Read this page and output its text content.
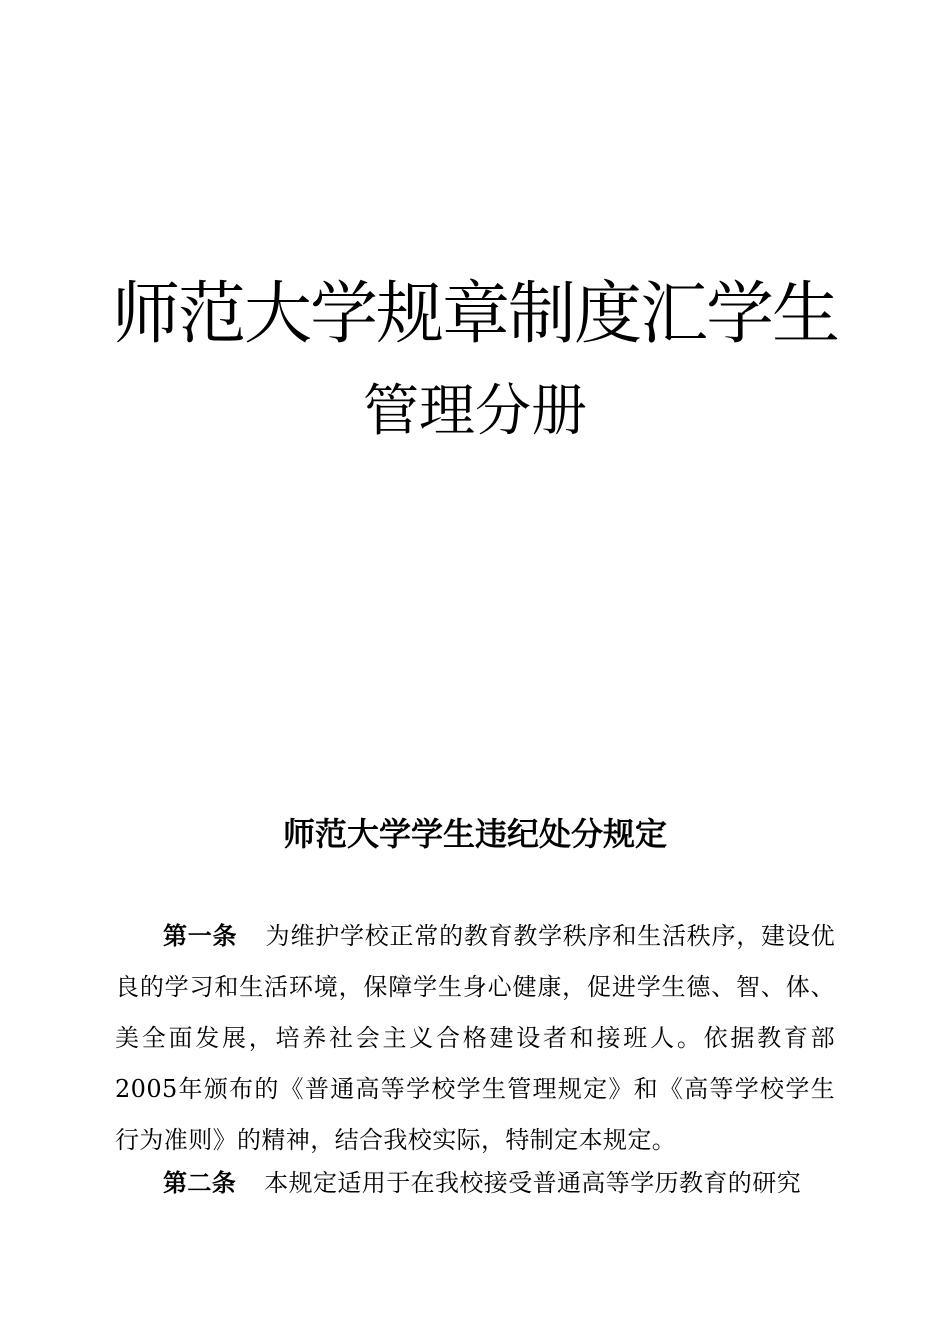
师范大学规章制度汇学生
管理分册
师范大学学生违纪处分规定

第一条 为维护学校正常的教育教学秩序和生活秩序，建设优良的学习和生活环境，保障学生身心健康，促进学生德、智、体、美全面发展，培养社会主义合格建设者和接班人。依据教育部2005年颁布的《普通高等学校学生管理规定》和《高等学校学生行为准则》的精神，结合我校实际，特制定本规定。

第二条 本规定适用于在我校接受普通高等学历教育的研究
